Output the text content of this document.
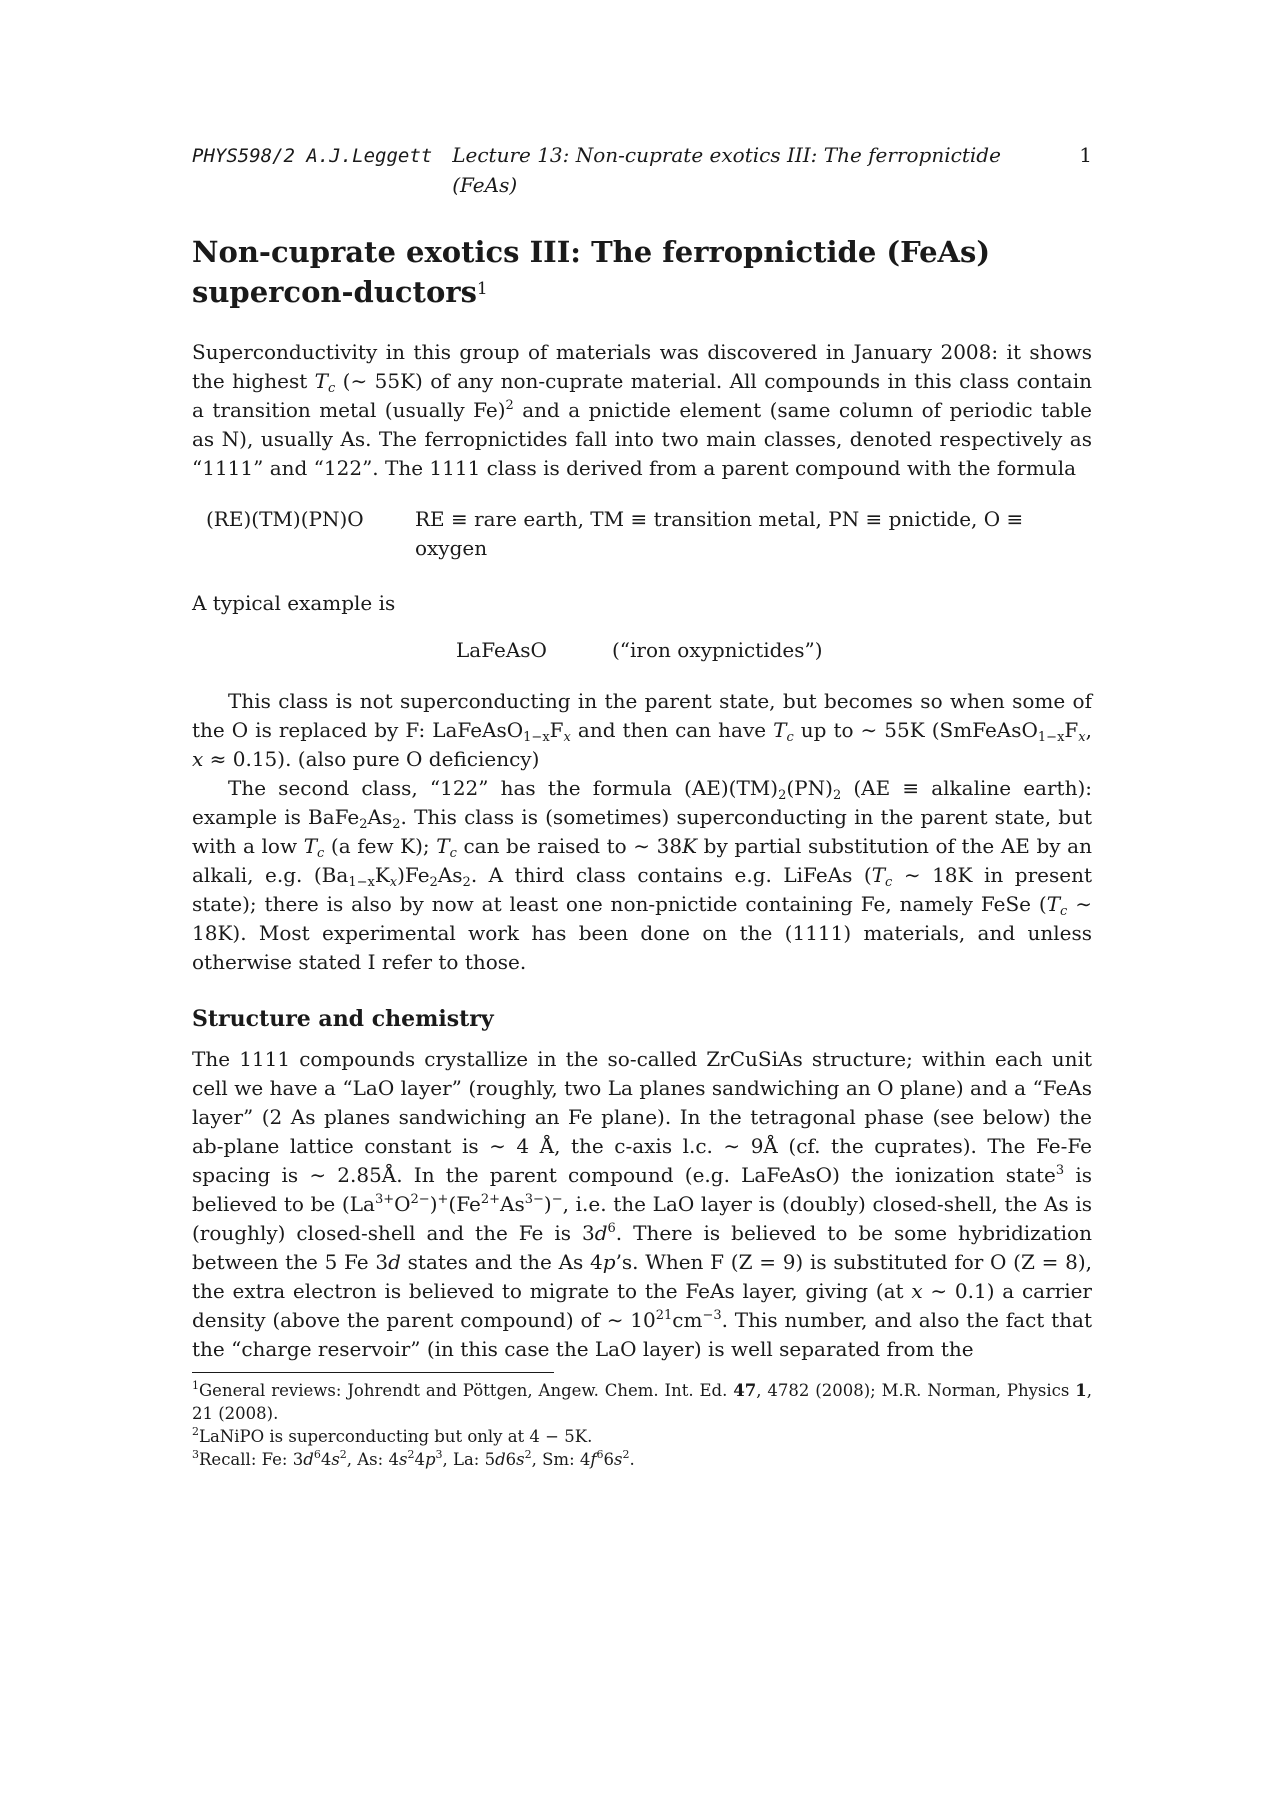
PHYS598/2 A.J.Leggett Lecture 13: Non-cuprate exotics III: The ferropnictide (FeAs)
1
Non-cuprate exotics III: The ferropnictide (FeAs) supercon-ductors$^1$

Superconductivity in this group of materials was discovered in January 2008: it shows the highest $T_c$ (∼ 55K) of any non-cuprate material. All compounds in this class contain a transition metal (usually Fe)$^2$ and a pnictide element (same column of periodic table as N), usually As. The ferropnictides fall into two main classes, denoted respectively as “1111” and “122”. The 1111 class is derived from a parent compound with the formula

(RE)(TM)(PN)O	RE ≡ rare earth, TM ≡ transition metal, PN ≡ pnictide, O ≡ oxygen

A typical example is

LaFeAsO	(“iron oxypnictides”)

This class is not superconducting in the parent state, but becomes so when some of the O is replaced by F: $LaFeAsO_{1-x}F_x$ and then can have $T_c$ up to ∼ 55K ($SmFeAsO_{1-x}F_x$, x ≈ 0.15). (also pure O deficiency)

The second class, “122” has the formula $(AE)(TM)_2(PN)_2$ (AE ≡ alkaline earth): example is $BaFe_2As_2$. This class is (sometimes) superconducting in the parent state, but with a low $T_c$ (a few K); $T_c$ can be raised to ∼ 38K by partial substitution of the AE by an alkali, e.g. $(Ba_{1-x}K_x)Fe_2As_2$. A third class contains e.g. LiFeAs ($T_c$ ∼ 18K in present state); there is also by now at least one non-pnictide containing Fe, namely FeSe ($T_c$ ∼ 18K). Most experimental work has been done on the (1111) materials, and unless otherwise stated I refer to those.

Structure and chemistry

The 1111 compounds crystallize in the so-called ZrCuSiAs structure; within each unit cell we have a “LaO layer” (roughly, two La planes sandwiching an O plane) and a “FeAs layer” (2 As planes sandwiching an Fe plane). In the tetragonal phase (see below) the ab-plane lattice constant is ∼ 4 Å, the c-axis l.c. ∼ 9Å (cf. the cuprates). The Fe-Fe spacing is ∼ 2.85Å. In the parent compound (e.g. LaFeAsO) the ionization state$^3$ is believed to be $(La^{3+}O^{2-})^+(Fe^{2+}As^{3-})^-$, i.e. the LaO layer is (doubly) closed-shell, the As is (roughly) closed-shell and the Fe is $3d^6$. There is believed to be some hybridization between the 5 Fe 3d states and the As 4p’s. When F (Z = 9) is substituted for O (Z = 8), the extra electron is believed to migrate to the FeAs layer, giving (at x ∼ 0.1) a carrier density (above the parent compound) of ∼ $10^{21}cm^{-3}$. This number, and also the fact that the “charge reservoir” (in this case the LaO layer) is well separated from the

$^1$General reviews: Johrendt and Pöttgen, Angew. Chem. Int. Ed. 47, 4782 (2008); M.R. Norman, Physics 1, 21 (2008).

$^2$LaNiPO is superconducting but only at 4 − 5K.

$^3$Recall: Fe: $3d^64s^2$, As: $4s^24p^3$, La: $5d6s^2$, Sm: $4f^66s^2$.
